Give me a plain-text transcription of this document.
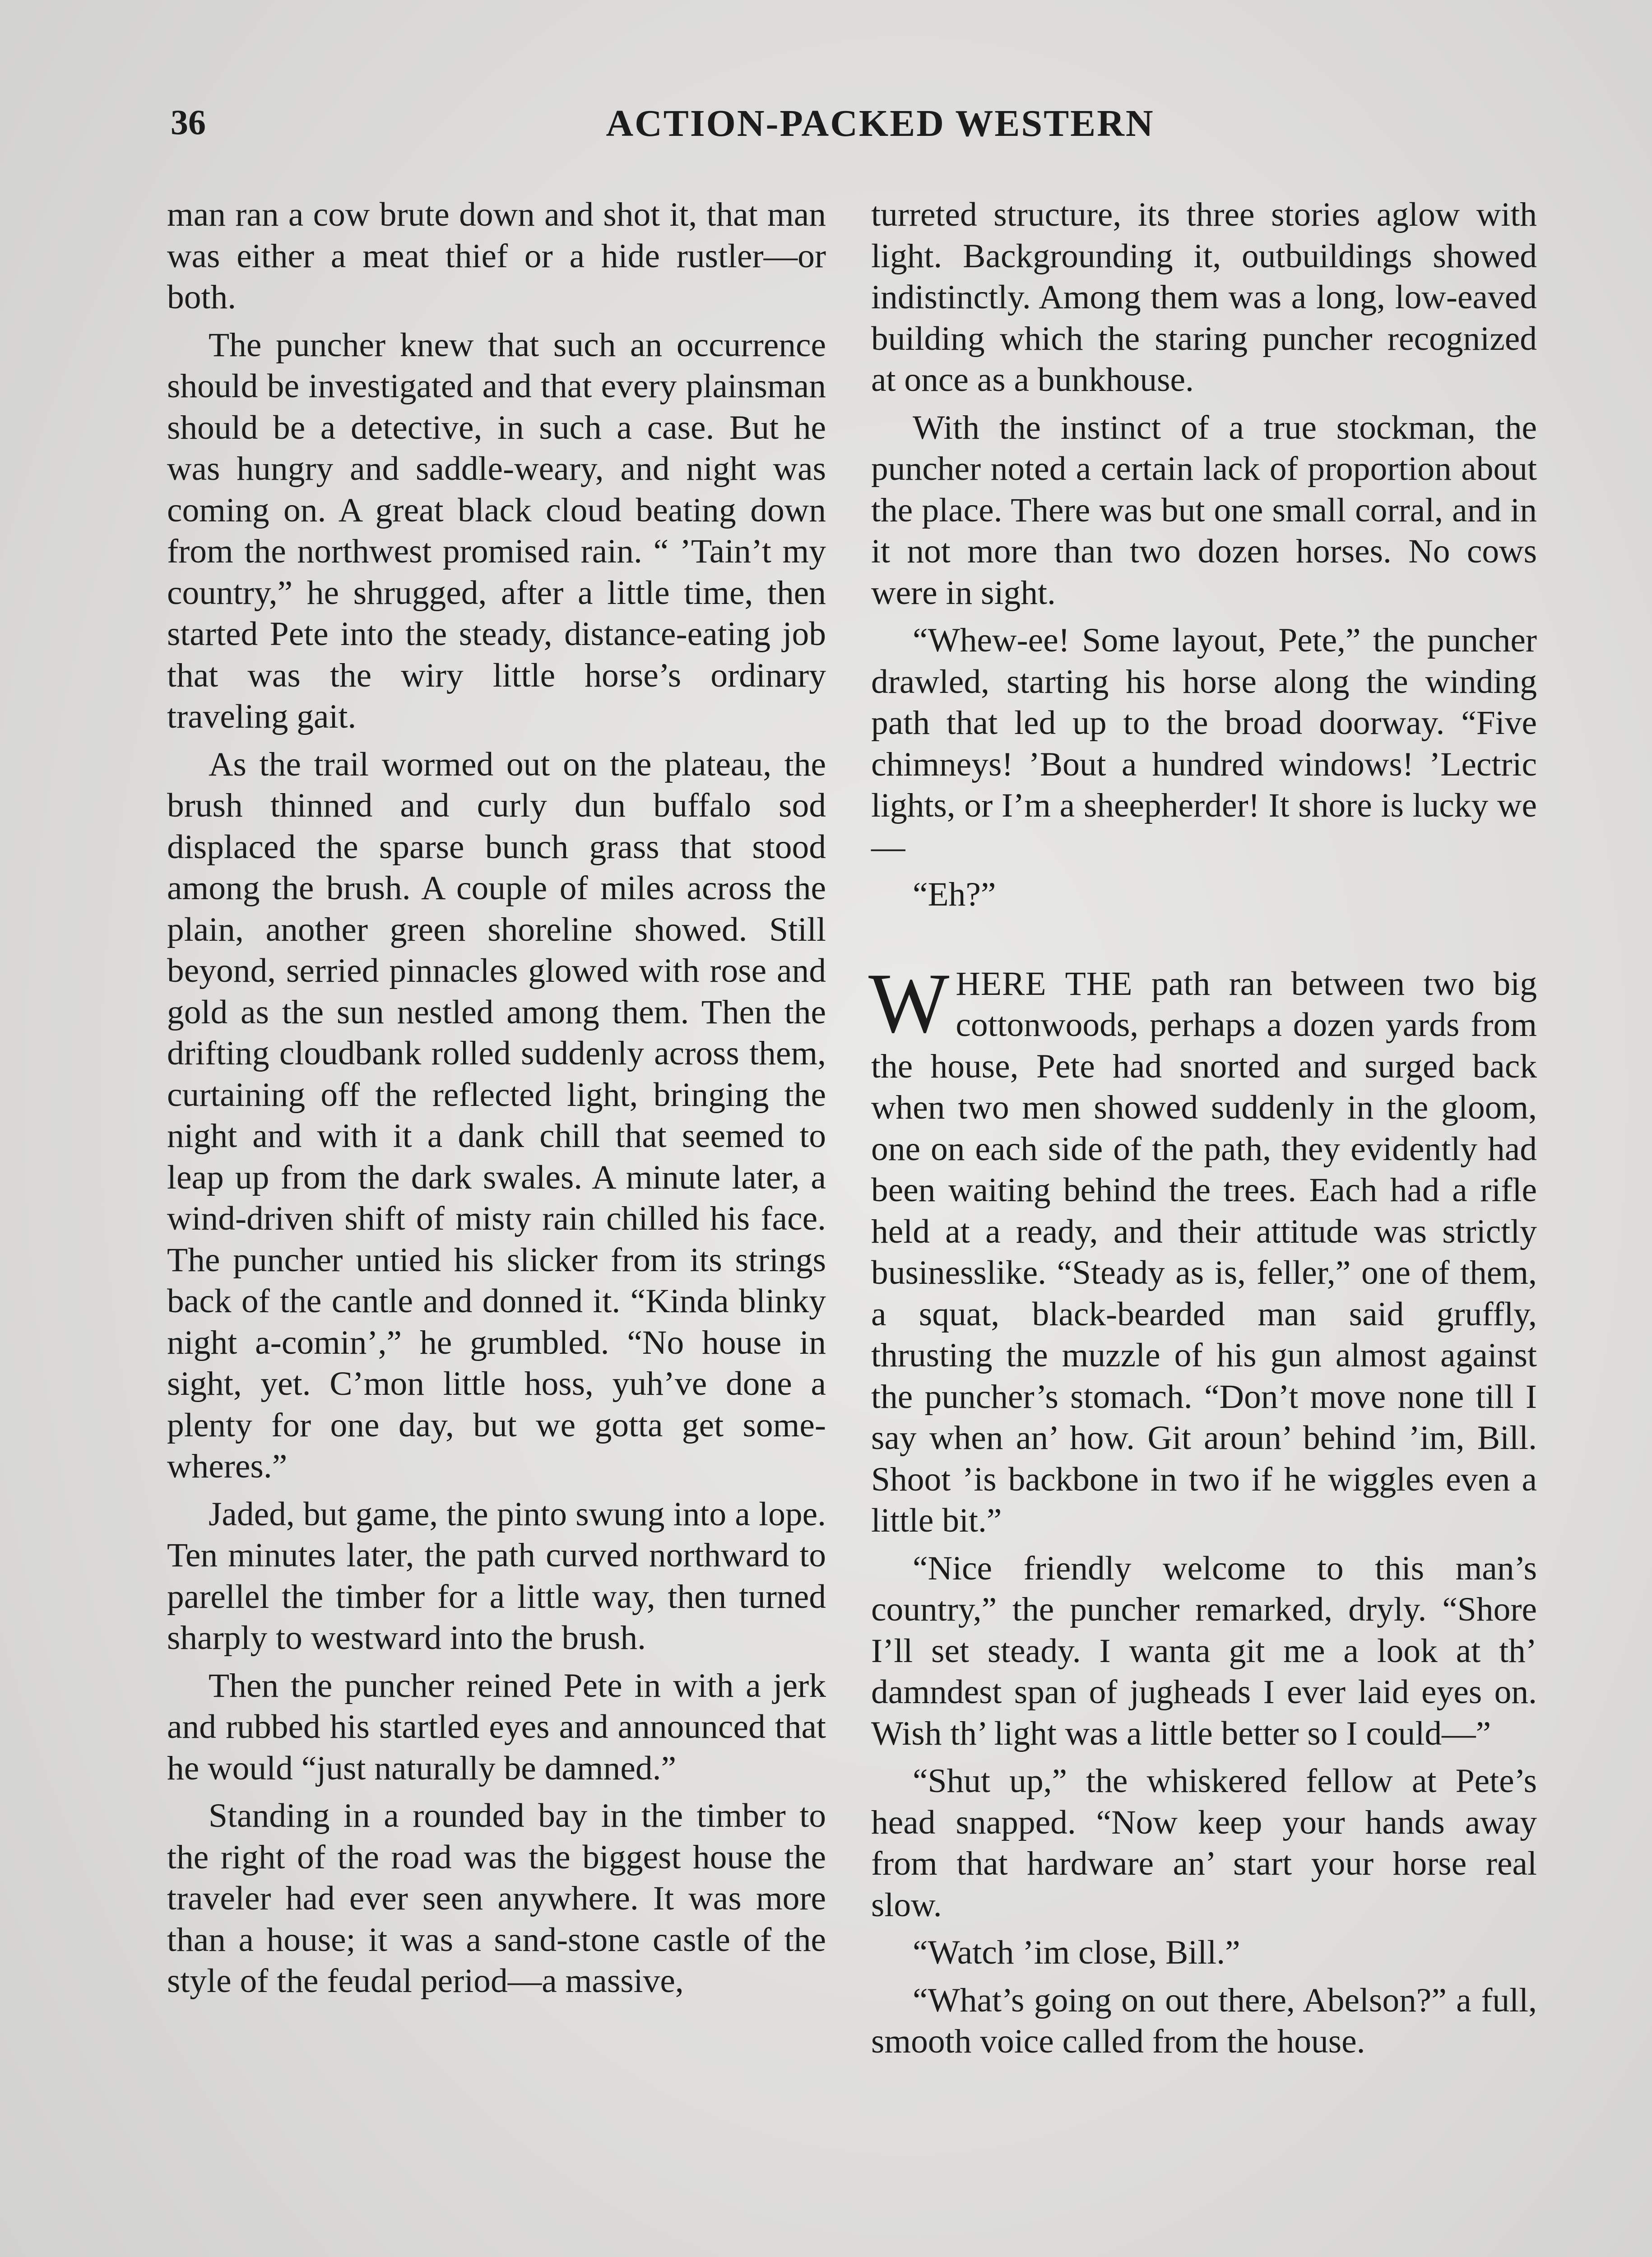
36	ACTION-PACKED WESTERN

man ran a cow brute down and shot it, that man was either a meat thief or a hide rustler—or both.

The puncher knew that such an occurrence should be investigated and that every plainsman should be a detective, in such a case. But he was hungry and saddle-weary, and night was coming on. A great black cloud beating down from the northwest promised rain. “ ’Tain’t my country,” he shrugged, after a little time, then started Pete into the steady, distance-eating job that was the wiry little horse’s ordinary traveling gait.

As the trail wormed out on the plateau, the brush thinned and curly dun buffalo sod displaced the sparse bunch grass that stood among the brush. A couple of miles across the plain, another green shoreline showed. Still beyond, serried pinnacles glowed with rose and gold as the sun nestled among them. Then the drifting cloudbank rolled suddenly across them, curtaining off the reflected light, bringing the night and with it a dank chill that seemed to leap up from the dark swales. A minute later, a wind-driven shift of misty rain chilled his face. The puncher untied his slicker from its strings back of the cantle and donned it. “Kinda blinky night a-comin’,” he grumbled. “No house in sight, yet. C’mon little hoss, yuh’ve done a plenty for one day, but we gotta get somewheres.”

Jaded, but game, the pinto swung into a lope. Ten minutes later, the path curved northward to parellel the timber for a little way, then turned sharply to westward into the brush.

Then the puncher reined Pete in with a jerk and rubbed his startled eyes and announced that he would “just naturally be damned.”

Standing in a rounded bay in the timber to the right of the road was the biggest house the traveler had ever seen anywhere. It was more than a house; it was a sand-stone castle of the style of the feudal period—a massive,

turreted structure, its three stories aglow with light. Backgrounding it, outbuildings showed indistinctly. Among them was a long, low-eaved building which the staring puncher recognized at once as a bunkhouse.

With the instinct of a true stockman, the puncher noted a certain lack of proportion about the place. There was but one small corral, and in it not more than two dozen horses. No cows were in sight.

“Whew-ee! Some layout, Pete,” the puncher drawled, starting his horse along the winding path that led up to the broad doorway. “Five chimneys! ’Bout a hundred windows! ’Lectric lights, or I’m a sheepherder! It shore is lucky we—

“Eh?”

WHERE THE path ran between two big cottonwoods, perhaps a dozen yards from the house, Pete had snorted and surged back when two men showed suddenly in the gloom, one on each side of the path, they evidently had been waiting behind the trees. Each had a rifle held at a ready, and their attitude was strictly businesslike. “Steady as is, feller,” one of them, a squat, black-bearded man said gruffly, thrusting the muzzle of his gun almost against the puncher’s stomach. “Don’t move none till I say when an’ how. Git aroun’ behind ’im, Bill. Shoot ’is backbone in two if he wiggles even a little bit.”

“Nice friendly welcome to this man’s country,” the puncher remarked, dryly. “Shore I’ll set steady. I wanta git me a look at th’ damndest span of jugheads I ever laid eyes on. Wish th’ light was a little better so I could—”

“Shut up,” the whiskered fellow at Pete’s head snapped. “Now keep your hands away from that hardware an’ start your horse real slow.

“Watch ’im close, Bill.”

“What’s going on out there, Abelson?” a full, smooth voice called from the house.
